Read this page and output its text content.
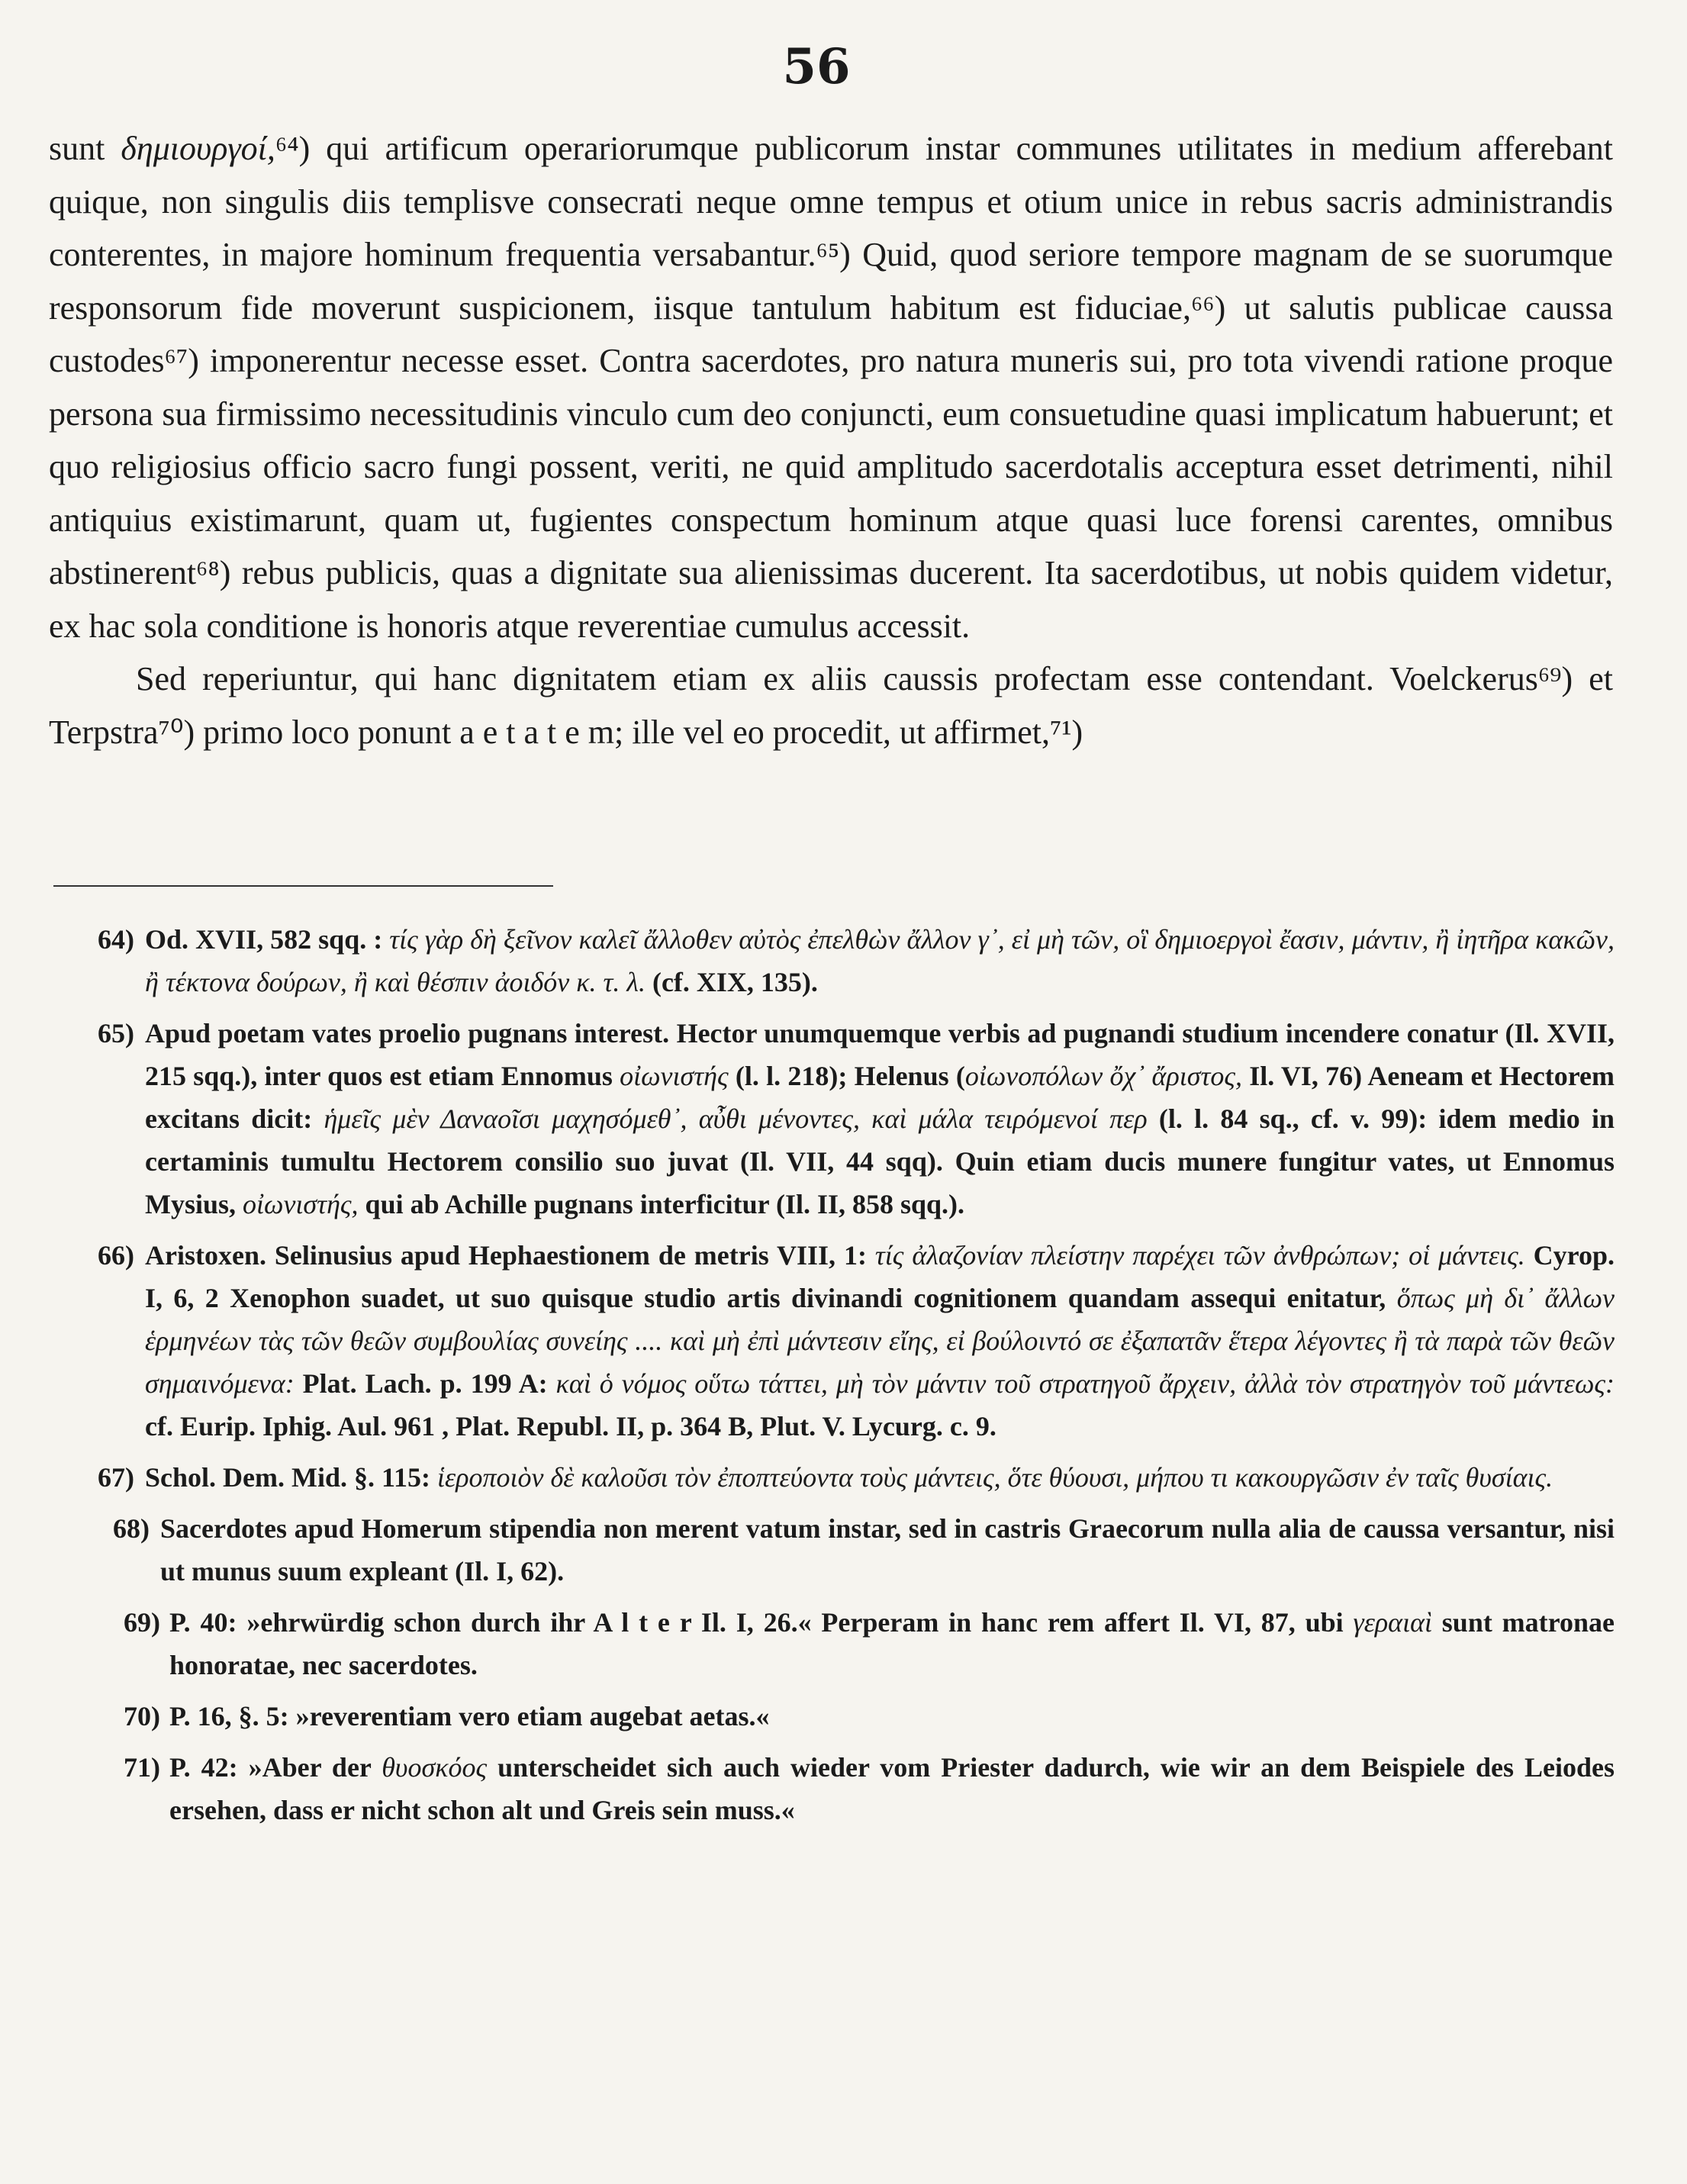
56

sunt δημιουργοί,⁶⁴) qui artificum operariorumque publicorum instar communes utilitates in medium afferebant quique, non singulis diis templisve consecrati neque omne tempus et otium unice in rebus sacris administrandis conterentes, in majore hominum frequentia versabantur.⁶⁵) Quid, quod seriore tempore magnam de se suorumque responsorum fide moverunt suspicionem, iisque tantulum habitum est fiduciae,⁶⁶) ut salutis publicae caussa custodes⁶⁷) imponerentur necesse esset. Contra sacerdotes, pro natura muneris sui, pro tota vivendi ratione proque persona sua firmissimo necessitudinis vinculo cum deo conjuncti, eum consuetudine quasi implicatum habuerunt; et quo religiosius officio sacro fungi possent, veriti, ne quid amplitudo sacerdotalis acceptura esset detrimenti, nihil antiquius existimarunt, quam ut, fugientes conspectum hominum atque quasi luce forensi carentes, omnibus abstinerent⁶⁸) rebus publicis, quas a dignitate sua alienissimas ducerent. Ita sacerdotibus, ut nobis quidem videtur, ex hac sola conditione is honoris atque reverentiae cumulus accessit.

Sed reperiuntur, qui hanc dignitatem etiam ex aliis caussis profectam esse contendant. Voelckerus⁶⁹) et Terpstra⁷⁰) primo loco ponunt a e t a t e m; ille vel eo procedit, ut affirmet,⁷¹)

64) Od. XVII, 582 sqq. : τίς γὰρ δὴ ξεῖνον καλεῖ ἄλλοθεν αὐτὸς ἐπελθὼν ἄλλον γ᾽, εἰ μὴ τῶν, οἳ δημιοεργοὶ ἔασιν, μάντιν, ἢ ἰητῆρα κακῶν, ἢ τέκτονα δούρων, ἢ καὶ θέσπιν ἀοιδόν κ. τ. λ. (cf. XIX, 135).
65) Apud poetam vates proelio pugnans interest. Hector unumquemque verbis ad pugnandi studium incendere conatur (Il. XVII, 215 sqq.), inter quos est etiam Ennomus οἰωνιστής (l. l. 218); Helenus (οἰωνοπόλων ὄχ᾽ ἄριστος, Il. VI, 76) Aeneam et Hectorem excitans dicit: ἡμεῖς μὲν Δαναοῖσι μαχησόμεθ᾽, αὖθι μένοντες, καὶ μάλα τειρόμενοί περ (l. l. 84 sq., cf. v. 99): idem medio in certaminis tumultu Hectorem consilio suo juvat (Il. VII, 44 sqq). Quin etiam ducis munere fungitur vates, ut Ennomus Mysius, οἰωνιστής, qui ab Achille pugnans interficitur (Il. II, 858 sqq.).
66) Aristoxen. Selinusius apud Hephaestionem de metris VIII, 1: τίς ἀλαζονίαν πλείστην παρέχει τῶν ἀνθρώπων; οἱ μάντεις. Cyrop. I, 6, 2 Xenophon suadet, ut suo quisque studio artis divinandi cognitionem quandam assequi enitatur, ὅπως μὴ δι᾽ ἄλλων ἑρμηνέων τὰς τῶν θεῶν συμβουλίας συνείης .... καὶ μὴ ἐπὶ μάντεσιν εἴης, εἰ βούλοιντό σε ἐξαπατᾶν ἕτερα λέγοντες ἢ τὰ παρὰ τῶν θεῶν σημαινόμενα: Plat. Lach. p. 199 A: καὶ ὁ νόμος οὕτω τάττει, μὴ τὸν μάντιν τοῦ στρατηγοῦ ἄρχειν, ἀλλὰ τὸν στρατηγὸν τοῦ μάντεως: cf. Eurip. Iphig. Aul. 961 , Plat. Republ. II, p. 364 B, Plut. V. Lycurg. c. 9.
67) Schol. Dem. Mid. §. 115: ἱεροποιὸν δὲ καλοῦσι τὸν ἐποπτεύοντα τοὺς μάντεις, ὅτε θύουσι, μήπου τι κακουργῶσιν ἐν ταῖς θυσίαις.
68) Sacerdotes apud Homerum stipendia non merent vatum instar, sed in castris Graecorum nulla alia de caussa versantur, nisi ut munus suum expleant (Il. I, 62).
69) P. 40: »ehrwürdig schon durch ihr A l t e r Il. I, 26.« Perperam in hanc rem affert Il. VI, 87, ubi γεραιαὶ sunt matronae honoratae, nec sacerdotes.
70) P. 16, §. 5: »reverentiam vero etiam augebat aetas.«
71) P. 42: »Aber der θυοσκόος unterscheidet sich auch wieder vom Priester dadurch, wie wir an dem Beispiele des Leiodes ersehen, dass er nicht schon alt und Greis sein muss.«
